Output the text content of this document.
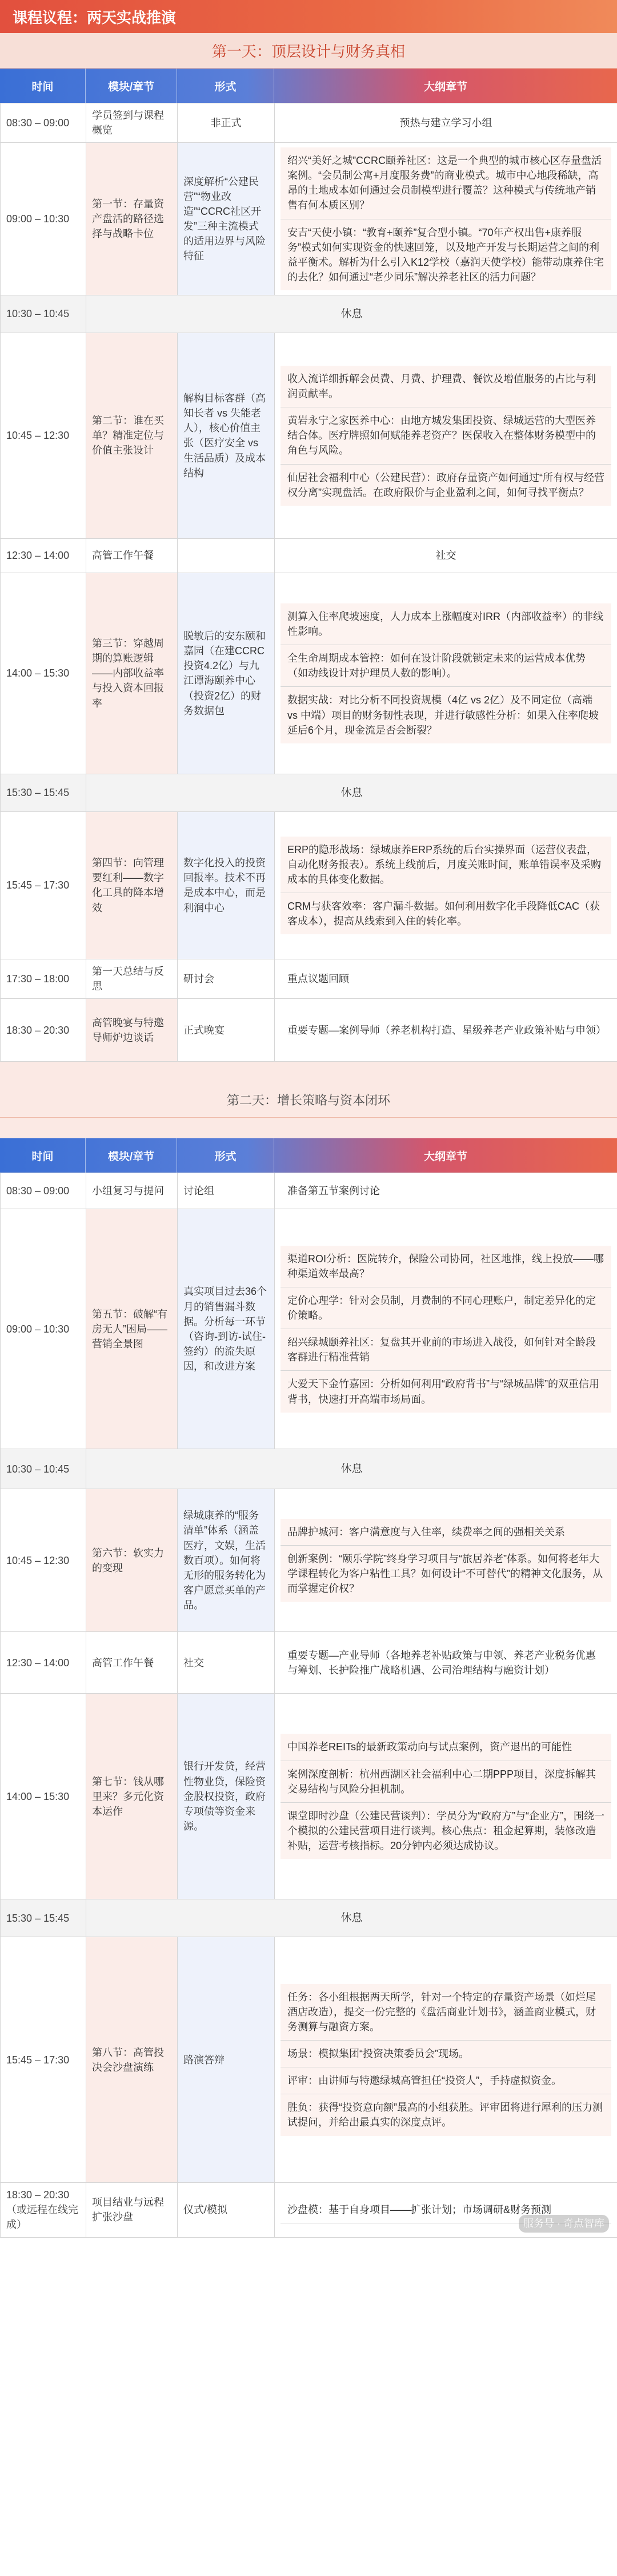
课程议程：两天实战推演
第一天：顶层设计与财务真相
时间	模块/章节	形式	大纲章节
08:30 – 09:00	学员签到与课程概览	非正式	预热与建立学习小组

09:00 – 10:30	第一节：存量资产盘活的路径选择与战略卡位	深度解析“公建民营”“物业改造”“CCRC社区开发”三种主流模式的适用边界与风险特征	绍兴“美好之城”CCRC颐养社区：这是一个典型的城市核心区存量盘活案例。“会员制公寓+月度服务费”的商业模式。城市中心地段稀缺，高昂的土地成本如何通过会员制模型进行覆盖？这种模式与传统地产销售有何本质区别？
安吉“天使小镇：“教育+颐养”复合型小镇。“70年产权出售+康养服务”模式如何实现资金的快速回笼，以及地产开发与长期运营之间的利益平衡术。解析为什么引入K12学校（嘉润天使学校）能带动康养住宅的去化？如何通过“老少同乐”解决养老社区的活力问题？

10:30 – 10:45	休息		
10:45 – 12:30	第二节：谁在买单？精准定位与价值主张设计	解构目标客群（高知长者 vs 失能老人），核心价值主张（医疗安全 vs 生活品质）及成本结构	收入流详细拆解会员费、月费、护理费、餐饮及增值服务的占比与利润贡献率。
黄岩永宁之家医养中心：由地方城发集团投资、绿城运营的大型医养结合体。医疗牌照如何赋能养老资产？医保收入在整体财务模型中的角色与风险。
仙居社会福利中心（公建民营）：政府存量资产如何通过“所有权与经营权分离”实现盘活。在政府限价与企业盈利之间，如何寻找平衡点？

12:30 – 14:00	高管工作午餐		社交
14:00 – 15:30	第三节：穿越周期的算账逻辑——内部收益率与投入资本回报率	脱敏后的安东颐和嘉园（在建CCRC投资4.2亿）与九江谭海颐养中心（投资2亿）的财务数据包	测算入住率爬坡速度，人力成本上涨幅度对IRR（内部收益率）的非线性影响。
全生命周期成本管控：如何在设计阶段就锁定未来的运营成本优势（如动线设计对护理员人数的影响）。
数据实战：对比分析不同投资规模（4亿 vs 2亿）及不同定位（高端 vs 中端）项目的财务韧性表现，并进行敏感性分析：如果入住率爬坡延后6个月，现金流是否会断裂？

15:30 – 15:45	休息		
15:45 – 17:30	第四节：向管理要红利——数字化工具的降本增效	数字化投入的投资回报率。技术不再是成本中心，而是利润中心	ERP的隐形战场：绿城康养ERP系统的后台实操界面（运营仪表盘，自动化财务报表）。系统上线前后，月度关账时间，账单错误率及采购成本的具体变化数据。
CRM与获客效率：客户漏斗数据。如何利用数字化手段降低CAC（获客成本），提高从线索到入住的转化率。

17:30 – 18:00	第一天总结与反思	研讨会	重点议题回顾

18:30 – 20:30	高管晚宴与特邀导师炉边谈话	正式晚宴	重要专题—案例导师（养老机构打造、星级养老产业政策补贴与申领）
第二天：增长策略与资本闭环
时间	模块/章节	形式	大纲章节
08:30 – 09:00	小组复习与提问	讨论组	准备第五节案例讨论

09:00 – 10:30	第五节：破解“有房无人”困局——营销全景图	真实项目过去36个月的销售漏斗数据。分析每一环节（咨询-到访-试住-签约）的流失原因，和改进方案	渠道ROI分析：医院转介，保险公司协同，社区地推，线上投放——哪种渠道效率最高？
定价心理学：针对会员制，月费制的不同心理账户，制定差异化的定价策略。
绍兴绿城颐养社区：复盘其开业前的市场进入战役，如何针对全龄段客群进行精准营销
大爱天下金竹嘉园：分析如何利用“政府背书”与“绿城品牌”的双重信用背书，快速打开高端市场局面。

10:30 – 10:45	休息		
10:45 – 12:30	第六节：软实力的变现	绿城康养的“服务清单”体系（涵盖医疗，文娱，生活数百项）。如何将无形的服务转化为客户愿意买单的产品。	品牌护城河：客户满意度与入住率，续费率之间的强相关关系
创新案例：“颐乐学院”终身学习项目与“旅居养老”体系。如何将老年大学课程转化为客户粘性工具？如何设计“不可替代”的精神文化服务，从而掌握定价权？

12:30 – 14:00	高管工作午餐	社交	重要专题—产业导师（各地养老补贴政策与申领、养老产业税务优惠与筹划、长护险推广战略机遇、公司治理结构与融资计划）

14:00 – 15:30	第七节：钱从哪里来？多元化资本运作	银行开发贷，经营性物业贷，保险资金股权投资，政府专项债等资金来源。	中国养老REITs的最新政策动向与试点案例，资产退出的可能性
案例深度剖析：杭州西湖区社会福利中心二期PPP项目，深度拆解其交易结构与风险分担机制。
课堂即时沙盘（公建民营谈判）：学员分为“政府方”与“企业方”，围绕一个模拟的公建民营项目进行谈判。核心焦点：租金起算期，装修改造补贴，运营考核指标。20分钟内必须达成协议。

15:30 – 15:45	休息		
15:45 – 17:30	第八节：高管投决会沙盘演练	路演答辩	任务：各小组根据两天所学，针对一个特定的存量资产场景（如烂尾酒店改造），提交一份完整的《盘活商业计划书》，涵盖商业模式，财务测算与融资方案。
场景：模拟集团“投资决策委员会”现场。
评审：由讲师与特邀绿城高管担任“投资人”，手持虚拟资金。
胜负：获得“投资意向额”最高的小组获胜。评审团将进行犀利的压力测试提问，并给出最真实的深度点评。

18:30 – 20:30（或远程在线完成）	项目结业与远程扩张沙盘	仪式/模拟	沙盘模：基于自身项目——扩张计划；市场调研&财务预测
服务号 · 奇点智库
